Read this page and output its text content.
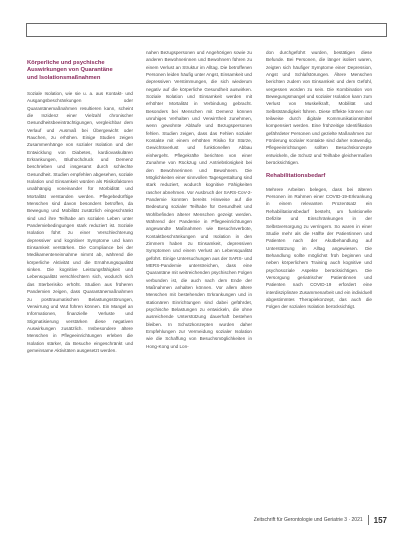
Körperliche und psychische
Auswirkungen von Quarantäne
und Isolationsmaßnahmen

Soziale Isolation, wie sie u. a. aus Kontakt- und Ausgangsbeschränkungen oder Quarantänemaßnahmen resultieren kann, scheint die Inzidenz einer Vielzahl chronischer Gesundheitsbeeinträchtigungen, vergleichbar dem Verlauf und Ausmaß bei Übergewicht oder Rauchen, zu erhöhen. Einige Studien zeigen Zusammenhänge von sozialer Isolation und der Entwicklung von Diabetes, kardiovaskulären Erkrankungen, Bluthochdruck und Demenz beschrieben und insgesamt durch schlechte Gesundheit. Studien empfehlen abgesehen, soziale Isolation und Einsamkeit würden als Risikofaktoren unabhängig voneinander für Morbidität und Mortalität verstanden werden. Pflegebedürftige Menschen sind davon besonders betroffen, da Bewegung und Mobilität zusätzlich eingeschränkt sind und ihre Teilhabe am sozialen Leben unter Pandemiebedingungen stark reduziert ist. Soziale Isolation führt zu einer Verschlechterung depressiver und kognitiver Symptome und kann Einsamkeit verstärken. Die Compliance bei der Medikamenteneinnahme nimmt ab, während die körperliche Aktivität und die Ernährungsqualität sinken. Die kognitive Leistungsfähigkeit und Lebensqualität verschlechtern sich, wodurch sich das Sterberisiko erhöht. Studien aus früheren Pandemien zeigen, dass Quarantänemaßnahmen zu posttraumatischen Belastungsstörungen, Verwirrung und Wut führen können. Ein Mangel an Informationen, finanzielle Verluste und Stigmatisierung verstärken diese negativen Auswirkungen zusätzlich. Insbesondere ältere Menschen in Pflegeeinrichtungen erleben die Isolation stärker, da Besuche eingeschränkt und gemeinsame Aktivitäten ausgesetzt werden.

nahen Bezugspersonen und Angehörigen sowie zu anderen Bewohnerinnen und Bewohnern führen zu einem Verlust an Struktur im Alltag. Die betroffenen Personen leiden häufig unter Angst, Einsamkeit und depressiven Verstimmungen, die sich wiederum negativ auf die körperliche Gesundheit auswirken. Soziale Isolation und Einsamkeit werden mit erhöhter Mortalität in Verbindung gebracht. Besonders bei Menschen mit Demenz können unruhiges Verhalten und Verwirrtheit zunehmen, wenn gewohnte Abläufe und Bezugspersonen fehlen. Studien zeigen, dass das Fehlen sozialer Kontakte mit einem erhöhten Risiko für Stürze, Gewichtsverlust und funktionellen Abbau einhergeht. Pflegekräfte berichten von einer Zunahme von Rückzug und Antriebslosigkeit bei den Bewohnerinnen und Bewohnern. Die Möglichkeiten einer sinnvollen Tagesgestaltung sind stark reduziert, wodurch kognitive Fähigkeiten rascher abnehmen. Vor Ausbruch der SARS-CoV-2-Pandemie konnten bereits Hinweise auf die Bedeutung sozialer Teilhabe für Gesundheit und Wohlbefinden älterer Menschen gezeigt werden. Während der Pandemie in Pflegeeinrichtungen angewandte Maßnahmen wie Besuchsverbote, Kontaktbeschränkungen und Isolation in den Zimmern haben zu Einsamkeit, depressiven Symptomen und einem Verlust an Lebensqualität geführt. Einige Untersuchungen aus der SARS- und MERS-Pandemie unterstreichen, dass eine Quarantäne mit weitreichenden psychischen Folgen verbunden ist, die auch nach dem Ende der Maßnahmen anhalten können. Vor allem ältere Menschen mit bestehenden Erkrankungen und in stationären Einrichtungen sind dabei gefährdet, psychische Belastungen zu entwickeln, die ohne ausreichende Unterstützung dauerhaft bestehen bleiben. In Schutzkonzepten wurden daher Empfehlungen zur Vermeidung sozialer Isolation wie die Schaffung von Besuchsmöglichkeiten in Hong-Kong und Lon-

don durchgeführt wurden, bestätigen diese Befunde. Bei Personen, die länger isoliert waren, zeigten sich häufiger Symptome einer Depression, Angst und Schlafstörungen. Ältere Menschen berichten zudem von Einsamkeit und dem Gefühl, vergessen worden zu sein. Die Kombination von Bewegungsmangel und sozialer Isolation kann zum Verlust von Muskelkraft, Mobilität und Selbstständigkeit führen. Diese Effekte können nur teilweise durch digitale Kommunikationsmittel kompensiert werden. Eine frühzeitige Identifikation gefährdeter Personen und gezielte Maßnahmen zur Förderung sozialer Kontakte sind daher notwendig. Pflegeeinrichtungen sollten Besuchskonzepte entwickeln, die Schutz und Teilhabe gleichermaßen berücksichtigen.

Rehabilitationsbedarf

Mehrere Arbeiten belegen, dass bei älteren Personen im Rahmen einer COVID-19-Erkrankung in einem relevanten Prozentsatz ein Rehabilitationsbedarf besteht, um funktionelle Defizite und Einschränkungen in der Selbstversorgung zu verringern. So waren in einer Studie mehr als die Hälfte der Patientinnen und Patienten nach der Akutbehandlung auf Unterstützung im Alltag angewiesen. Die Behandlung sollte möglichst früh beginnen und neben körperlichem Training auch kognitive und psychosoziale Aspekte berücksichtigen. Die Versorgung geriatrischer Patientinnen und Patienten nach COVID-19 erfordert eine interdisziplinäre Zusammenarbeit und ein individuell abgestimmtes Therapiekonzept, das auch die Folgen der sozialen Isolation berücksichtigt.

Zeitschrift für Gerontologie und Geriatrie 3 · 2021 157
